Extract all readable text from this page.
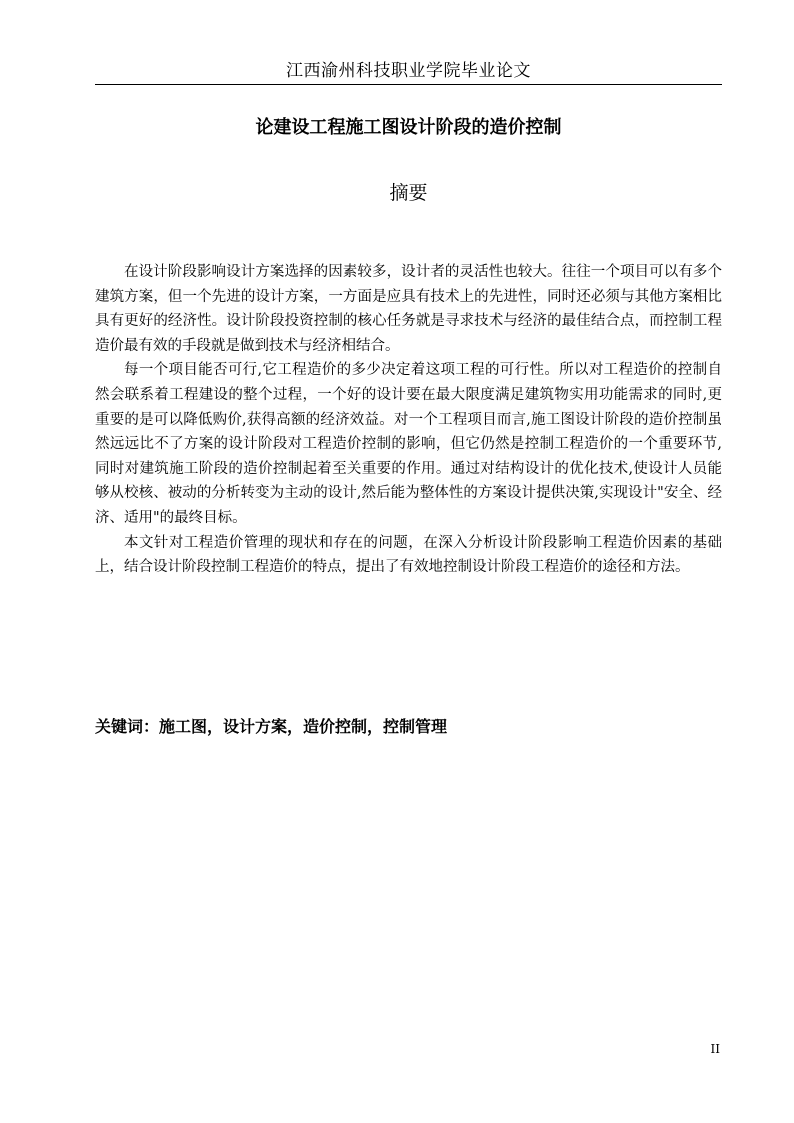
江西渝州科技职业学院毕业论文
论建设工程施工图设计阶段的造价控制
摘要

在设计阶段影响设计方案选择的因素较多，设计者的灵活性也较大。往往一个项目可以有多个建筑方案，但一个先进的设计方案，一方面是应具有技术上的先进性，同时还必须与其他方案相比具有更好的经济性。设计阶段投资控制的核心任务就是寻求技术与经济的最佳结合点，而控制工程造价最有效的手段就是做到技术与经济相结合。

每一个项目能否可行,它工程造价的多少决定着这项工程的可行性。所以对工程造价的控制自然会联系着工程建设的整个过程，一个好的设计要在最大限度满足建筑物实用功能需求的同时,更重要的是可以降低购价,获得高额的经济效益。对一个工程项目而言,施工图设计阶段的造价控制虽然远远比不了方案的设计阶段对工程造价控制的影响，但它仍然是控制工程造价的一个重要环节,同时对建筑施工阶段的造价控制起着至关重要的作用。通过对结构设计的优化技术,使设计人员能够从校核、被动的分析转变为主动的设计,然后能为整体性的方案设计提供决策,实现设计"安全、经济、适用"的最终目标。

本文针对工程造价管理的现状和存在的问题，在深入分析设计阶段影响工程造价因素的基础上，结合设计阶段控制工程造价的特点，提出了有效地控制设计阶段工程造价的途径和方法。

关键词：施工图，设计方案，造价控制，控制管理
II
